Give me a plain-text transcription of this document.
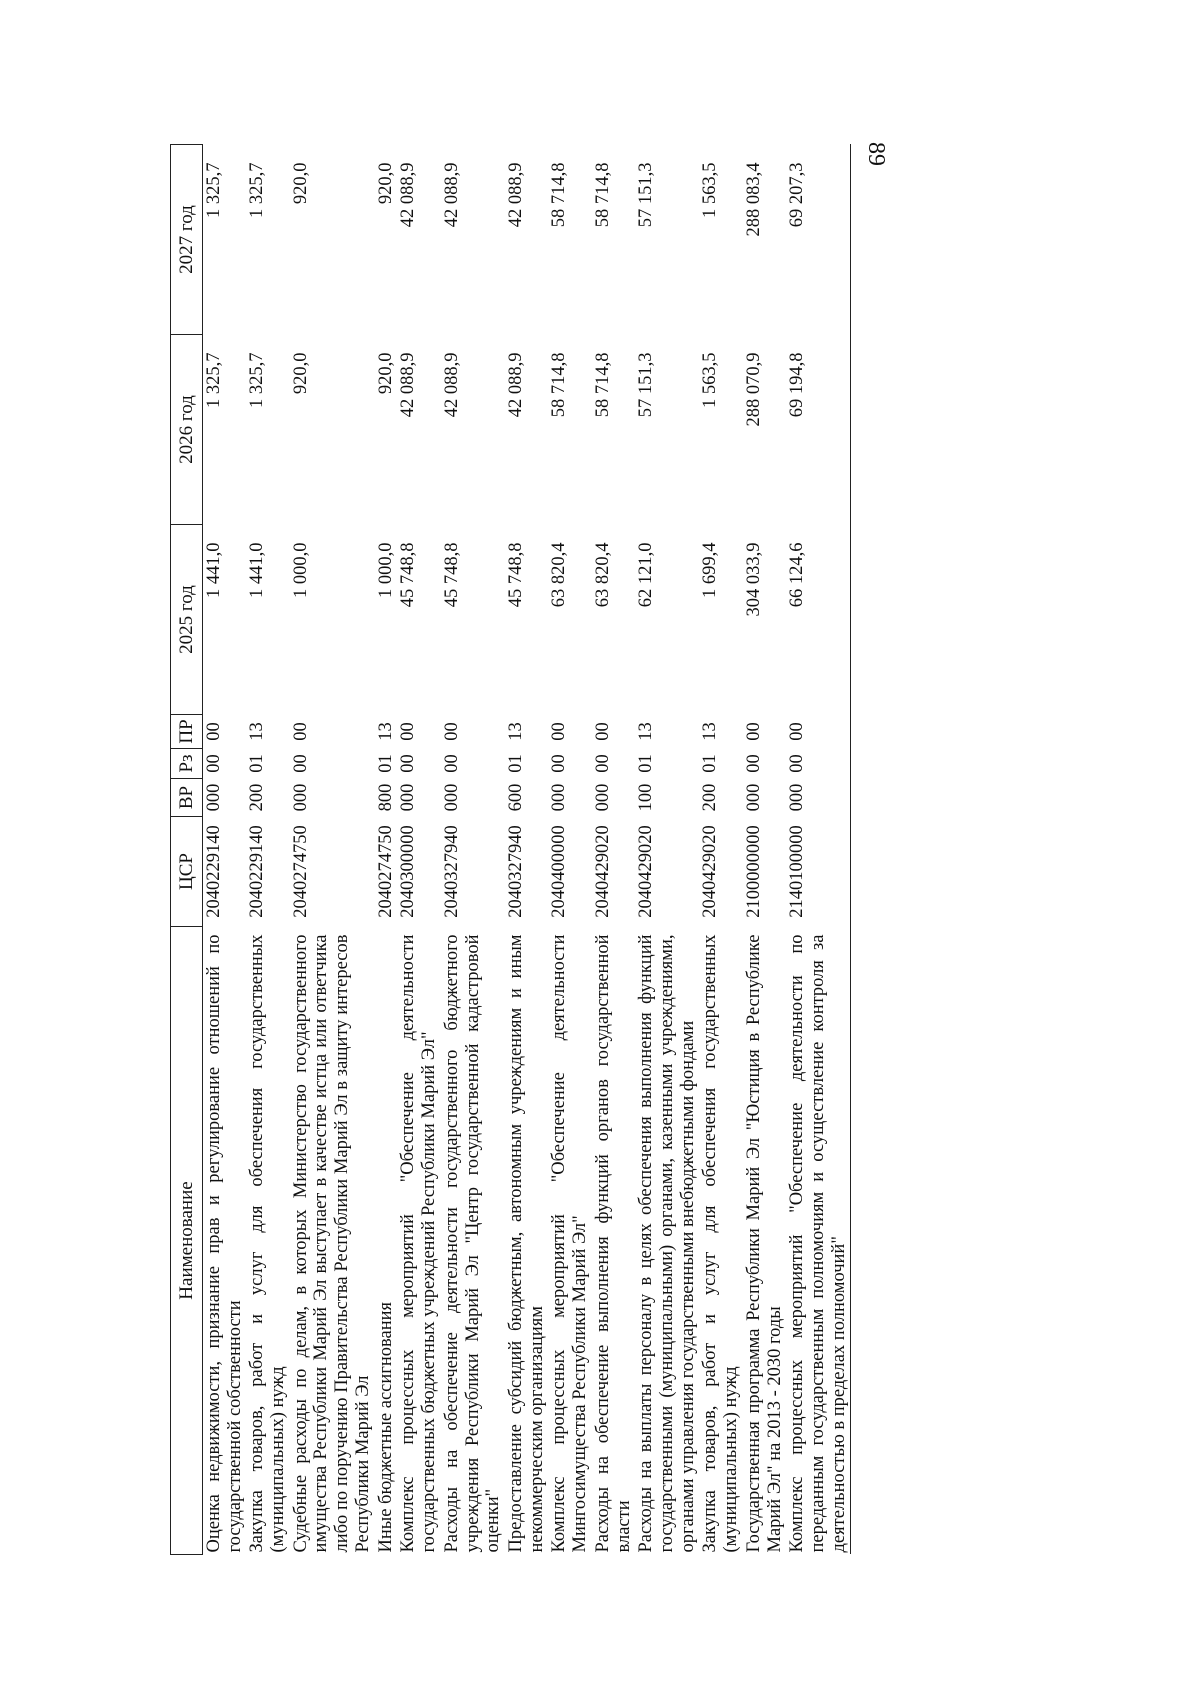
89
Наименование	ЦСР	ВР	Рз	ПР	2025 год	2026 год	2027 год
Оценка недвижимости, признание прав и регулирование отношений по государственной собственности	2040229140	000	00	00	1 441,0	1 325,7	1 325,7
Закупка товаров, работ и услуг для обеспечения государственных (муниципальных) нужд	2040229140	200	01	13	1 441,0	1 325,7	1 325,7
Судебные расходы по делам, в которых Министерство государственного имущества Республики Марий Эл выступает в качестве истца или ответчика либо по поручению Правительства Республики Марий Эл в защиту интересов Республики Марий Эл	2040274750	000	00	00	1 000,0	920,0	920,0
Иные бюджетные ассигнования	2040274750	800	01	13	1 000,0	920,0	920,0
Комплекс процессных мероприятий "Обеспечение деятельности государственных бюджетных учреждений Республики Марий Эл"	2040300000	000	00	00	45 748,8	42 088,9	42 088,9
Расходы на обеспечение деятельности государственного бюджетного учреждения Республики Марий Эл "Центр государственной кадастровой оценки"	2040327940	000	00	00	45 748,8	42 088,9	42 088,9
Предоставление субсидий бюджетным, автономным учреждениям и иным некоммерческим организациям	2040327940	600	01	13	45 748,8	42 088,9	42 088,9
Комплекс процессных мероприятий "Обеспечение деятельности Мингосимущества Республики Марий Эл"	2040400000	000	00	00	63 820,4	58 714,8	58 714,8
Расходы на обеспечение выполнения функций органов государственной власти	2040429020	000	00	00	63 820,4	58 714,8	58 714,8
Расходы на выплаты персоналу в целях обеспечения выполнения функций государственными (муниципальными) органами, казенными учреждениями, органами управления государственными внебюджетными фондами	2040429020	100	01	13	62 121,0	57 151,3	57 151,3
Закупка товаров, работ и услуг для обеспечения государственных (муниципальных) нужд	2040429020	200	01	13	1 699,4	1 563,5	1 563,5
Государственная программа Республики Марий Эл "Юстиция в Республике Марий Эл" на 2013 - 2030 годы	2100000000	000	00	00	304 033,9	288 070,9	288 083,4
Комплекс процессных мероприятий "Обеспечение деятельности по переданным государственным полномочиям и осуществление контроля за деятельностью в пределах полномочий"	2140100000	000	00	00	66 124,6	69 194,8	69 207,3
